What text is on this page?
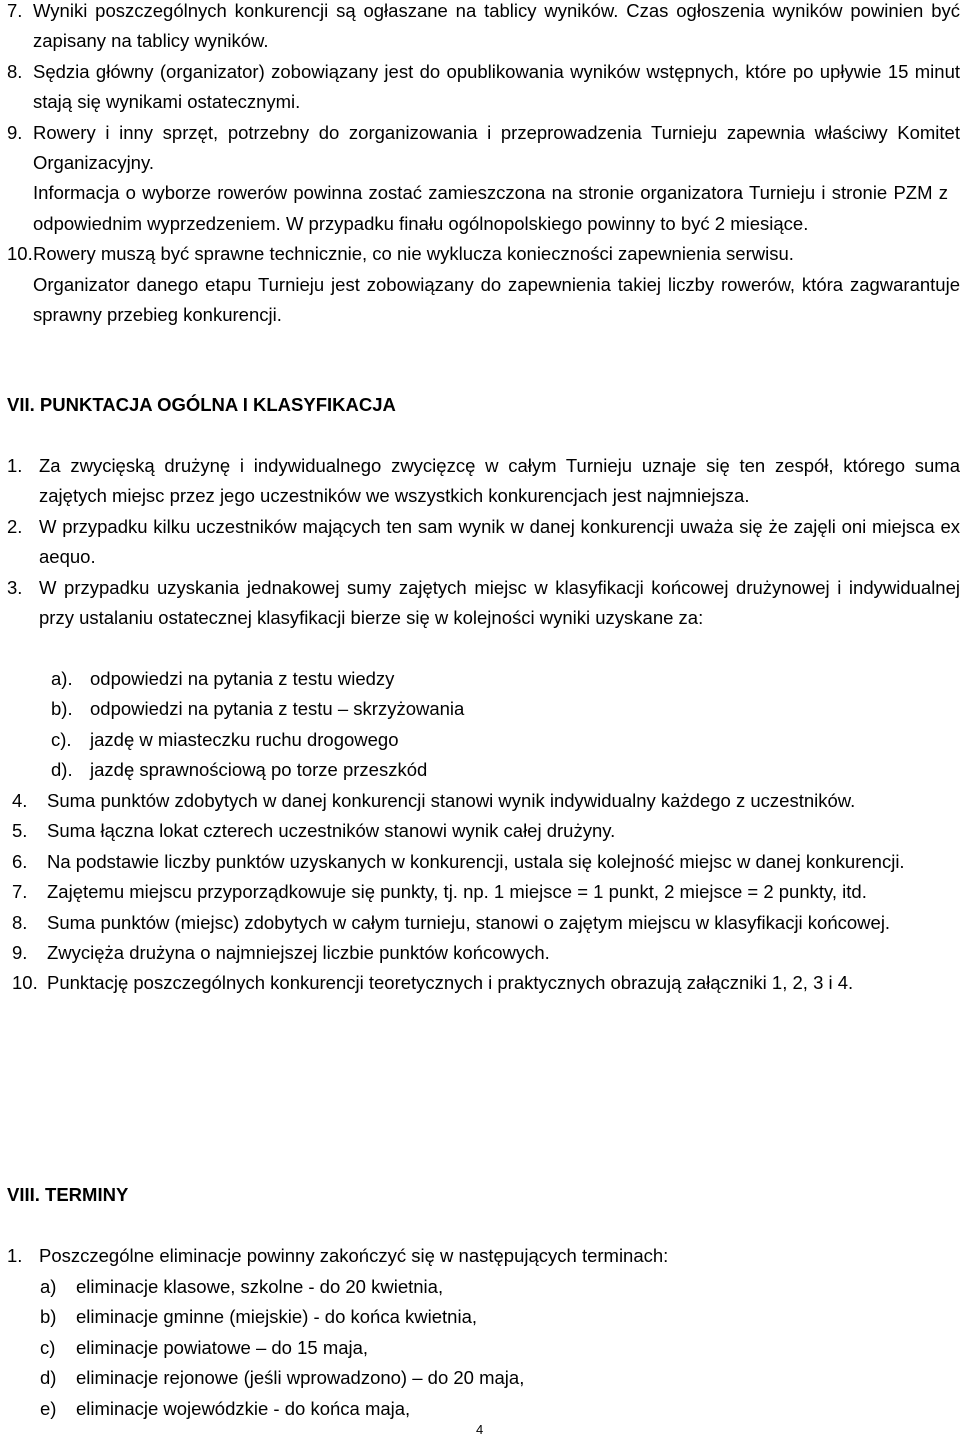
7. Wyniki poszczególnych konkurencji są ogłaszane na tablicy wyników. Czas ogłoszenia wyników powinien być zapisany na tablicy wyników.
8. Sędzia główny (organizator) zobowiązany jest do opublikowania wyników wstępnych, które po upływie 15 minut stają się wynikami ostatecznymi.
9. Rowery i inny sprzęt, potrzebny do zorganizowania i przeprowadzenia Turnieju zapewnia właściwy Komitet Organizacyjny.
Informacja o wyborze rowerów powinna zostać zamieszczona na stronie organizatora Turnieju i stronie PZM z odpowiednim wyprzedzeniem. W przypadku finału ogólnopolskiego powinny to być 2 miesiące.
10. Rowery muszą być sprawne technicznie, co nie wyklucza konieczności zapewnienia serwisu.
Organizator danego etapu Turnieju jest zobowiązany do zapewnienia takiej liczby rowerów, która zagwarantuje sprawny przebieg konkurencji.
VII. PUNKTACJA OGÓLNA I KLASYFIKACJA
1. Za zwycięską drużynę i indywidualnego zwycięzcę w całym Turnieju uznaje się ten zespół, którego suma zajętych miejsc przez jego uczestników we wszystkich konkurencjach jest najmniejsza.
2. W przypadku kilku uczestników mających ten sam wynik w danej konkurencji uważa się że zajęli oni miejsca ex aequo.
3. W przypadku uzyskania jednakowej sumy zajętych miejsc w klasyfikacji końcowej drużynowej i indywidualnej przy ustalaniu ostatecznej klasyfikacji bierze się w kolejności wyniki uzyskane za:
a). odpowiedzi na pytania z testu wiedzy
b). odpowiedzi na pytania z testu – skrzyżowania
c). jazdę w miasteczku ruchu drogowego
d). jazdę sprawnościową po torze przeszkód
4.	Suma punktów zdobytych w danej konkurencji stanowi wynik indywidualny każdego z uczestników.
5.	Suma łączna lokat czterech uczestników stanowi wynik całej drużyny.
6.	Na podstawie liczby punktów uzyskanych w konkurencji, ustala się kolejność miejsc w danej konkurencji.
7.	Zajętemu miejscu przyporządkowuje się punkty, tj. np. 1 miejsce = 1 punkt, 2 miejsce = 2 punkty, itd.
8.	Suma punktów (miejsc) zdobytych w całym turnieju, stanowi o zajętym miejscu w klasyfikacji końcowej.
9.	Zwycięża drużyna o najmniejszej liczbie punktów końcowych.
10. Punktację poszczególnych konkurencji teoretycznych i praktycznych obrazują załączniki 1, 2, 3 i 4.
VIII. TERMINY
1. Poszczególne eliminacje powinny zakończyć się w następujących terminach:
a)	eliminacje klasowe, szkolne - do 20 kwietnia,
b)	eliminacje gminne (miejskie) - do końca kwietnia,
c)	eliminacje powiatowe – do 15 maja,
d)	eliminacje rejonowe (jeśli wprowadzono) – do 20 maja,
e)	eliminacje wojewódzkie - do końca maja,
4
